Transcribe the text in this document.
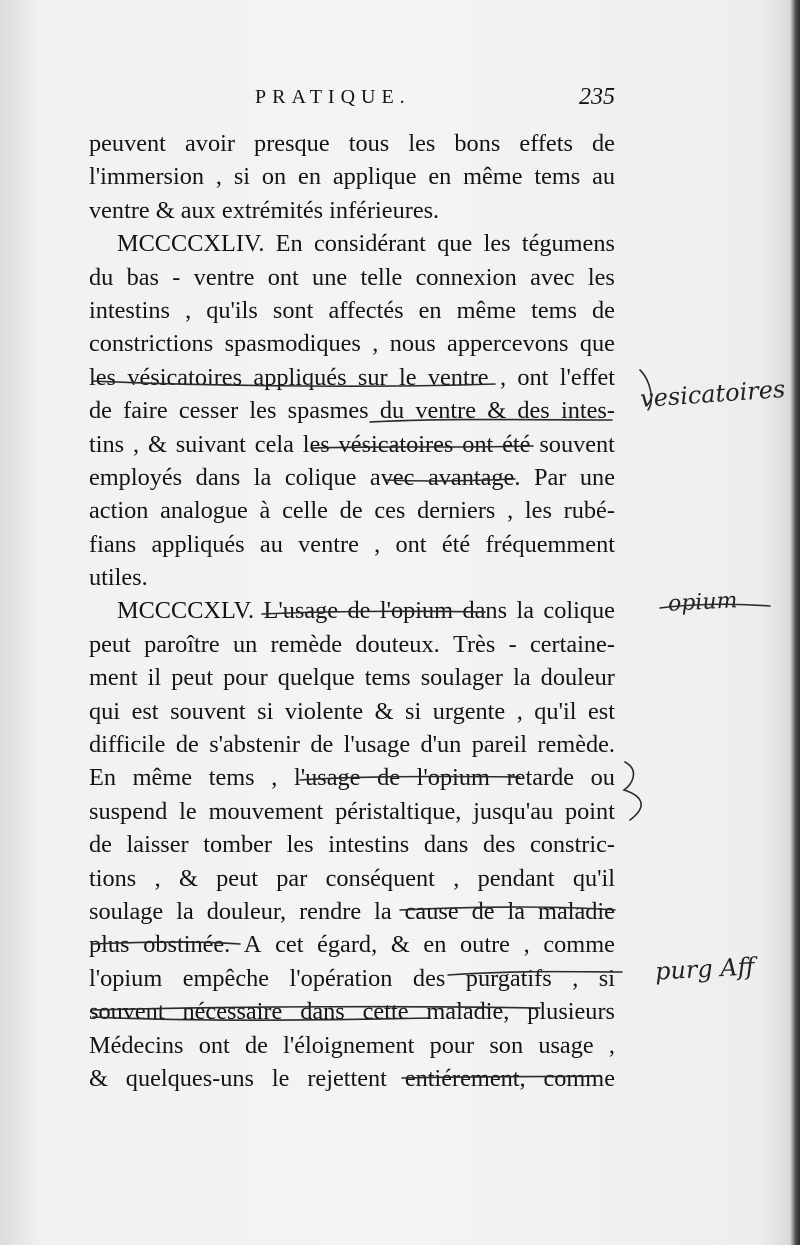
PRATIQUE.	235
peuvent avoir presque tous les bons effets de
l'immersion , si on en applique en même tems au
ventre & aux extrémités inférieures.
MCCCCXLIV. En considérant que les tégumens
du bas - ventre ont une telle connexion avec les
intestins , qu'ils sont affectés en même tems de
constrictions spasmodiques , nous appercevons que
les vésicatoires appliqués sur le ventre , ont l'effet
de faire cesser les spasmes du ventre & des intes-
tins , & suivant cela les vésicatoires ont été souvent
employés dans la colique avec avantage. Par une
action analogue à celle de ces derniers , les rubé-
fians appliqués au ventre , ont été fréquemment
utiles.
MCCCCXLV. L'usage de l'opium dans la colique
peut paroître un remède douteux. Très - certaine-
ment il peut pour quelque tems soulager la douleur
qui est souvent si violente & si urgente , qu'il est
difficile de s'abstenir de l'usage d'un pareil remède.
En même tems , l'usage de l'opium retarde ou
suspend le mouvement péristaltique, jusqu'au point
de laisser tomber les intestins dans des constric-
tions , & peut par conséquent , pendant qu'il
soulage la douleur, rendre la cause de la maladie
plus obstinée. A cet égard, & en outre , comme
l'opium empêche l'opération des purgatifs , si
souvent nécessaire dans cette maladie, plusieurs
Médecins ont de l'éloignement pour son usage ,
& quelques-uns le rejettent entiérement, comme
vesicatoires
opium
purg Aff
